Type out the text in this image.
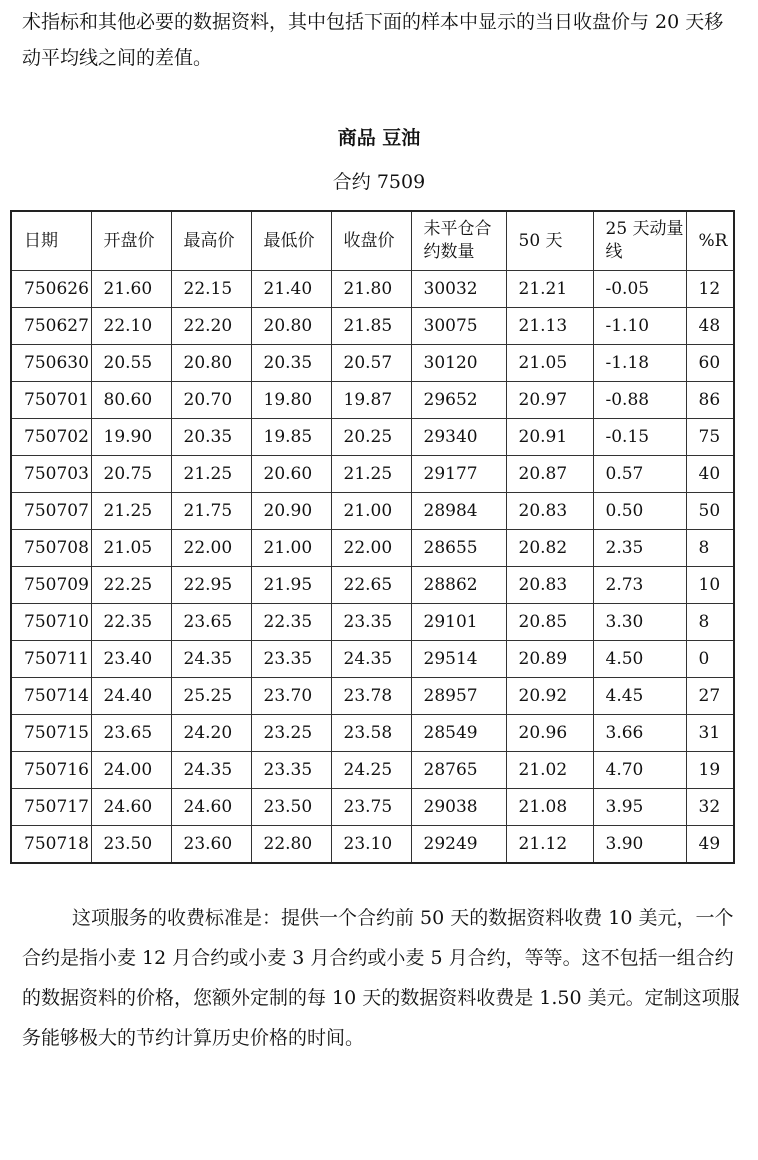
术指标和其他必要的数据资料，其中包括下面的样本中显示的当日收盘价与 20 天移动平均线之间的差值。

商品 豆油

合约 7509

日期	开盘价	最高价	最低价	收盘价	未平仓合约数量	50 天	25 天动量线	%R
750626	21.60	22.15	21.40	21.80	30032	21.21	-0.05	12
750627	22.10	22.20	20.80	21.85	30075	21.13	-1.10	48
750630	20.55	20.80	20.35	20.57	30120	21.05	-1.18	60
750701	80.60	20.70	19.80	19.87	29652	20.97	-0.88	86
750702	19.90	20.35	19.85	20.25	29340	20.91	-0.15	75
750703	20.75	21.25	20.60	21.25	29177	20.87	0.57	40
750707	21.25	21.75	20.90	21.00	28984	20.83	0.50	50
750708	21.05	22.00	21.00	22.00	28655	20.82	2.35	8
750709	22.25	22.95	21.95	22.65	28862	20.83	2.73	10
750710	22.35	23.65	22.35	23.35	29101	20.85	3.30	8
750711	23.40	24.35	23.35	24.35	29514	20.89	4.50	0
750714	24.40	25.25	23.70	23.78	28957	20.92	4.45	27
750715	23.65	24.20	23.25	23.58	28549	20.96	3.66	31
750716	24.00	24.35	23.35	24.25	28765	21.02	4.70	19
750717	24.60	24.60	23.50	23.75	29038	21.08	3.95	32
750718	23.50	23.60	22.80	23.10	29249	21.12	3.90	49

这项服务的收费标准是：提供一个合约前 50 天的数据资料收费 10 美元，一个合约是指小麦 12 月合约或小麦 3 月合约或小麦 5 月合约，等等。这不包括一组合约的数据资料的价格，您额外定制的每 10 天的数据资料收费是 1.50 美元。定制这项服务能够极大的节约计算历史价格的时间。
